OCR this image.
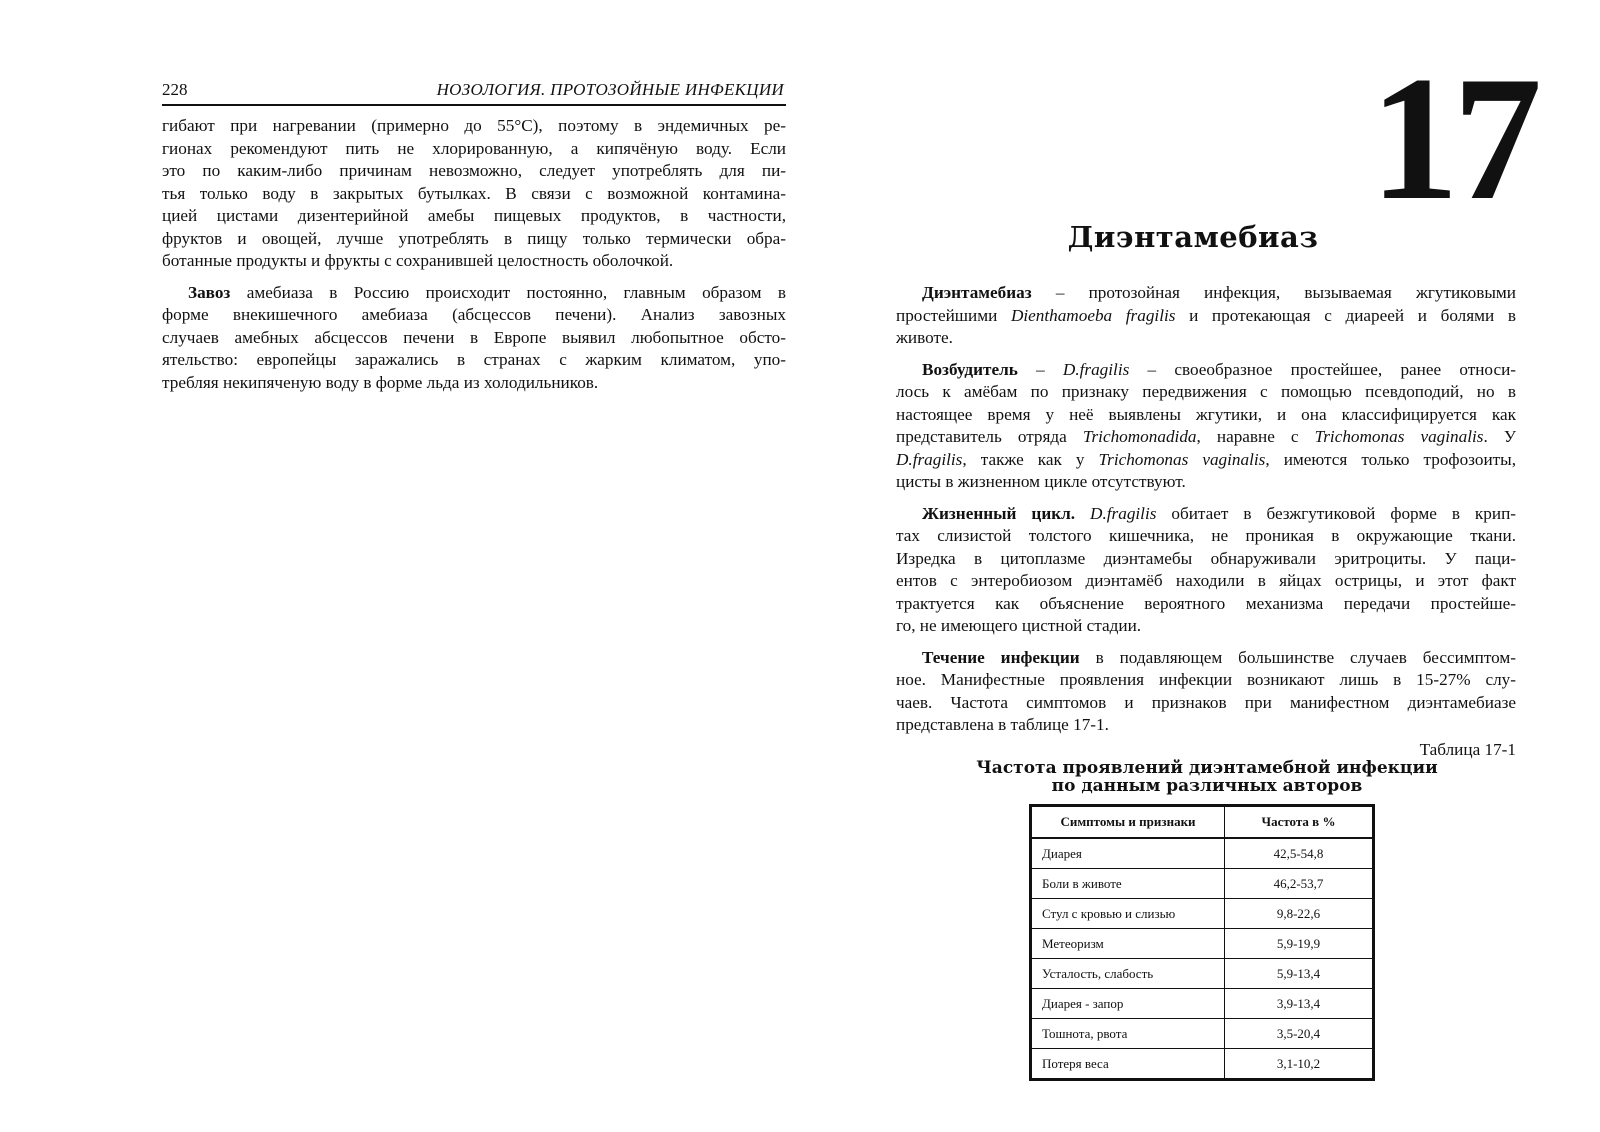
228	НОЗОЛОГИЯ. ПРОТОЗОЙНЫЕ ИНФЕКЦИИ
гибают при нагревании (примерно до 55°С), поэтому в эндемичных ре-
гионах рекомендуют пить не хлорированную, а кипячёную воду. Если
это по каким-либо причинам невозможно, следует употреблять для пи-
тья только воду в закрытых бутылках. В связи с возможной контамина-
цией цистами дизентерийной амебы пищевых продуктов, в частности,
фруктов и овощей, лучше употреблять в пищу только термически обра-
ботанные продукты и фрукты с сохранившей целостность оболочкой.
Завоз амебиаза в Россию происходит постоянно, главным образом в
форме внекишечного амебиаза (абсцессов печени). Анализ завозных
случаев амебных абсцессов печени в Европе выявил любопытное обсто-
ятельство: европейцы заражались в странах с жарким климатом, упо-
требляя некипяченую воду в форме льда из холодильников.
17
Диэнтамебиаз
Диэнтамебиаз – протозойная инфекция, вызываемая жгутиковыми
простейшими Dienthamoeba fragilis и протекающая с диареей и болями в
животе.
Возбудитель – D.fragilis – своеобразное простейшее, ранее относи-
лось к амёбам по признаку передвижения с помощью псевдоподий, но в
настоящее время у неё выявлены жгутики, и она классифицируется как
представитель отряда Trichomonadida, наравне с Trichomonas vaginalis. У
D.fragilis, также как у Trichomonas vaginalis, имеются только трофозоиты,
цисты в жизненном цикле отсутствуют.
Жизненный цикл. D.fragilis обитает в безжгутиковой форме в крип-
тах слизистой толстого кишечника, не проникая в окружающие ткани.
Изредка в цитоплазме диэнтамебы обнаруживали эритроциты. У паци-
ентов с энтеробиозом диэнтамёб находили в яйцах острицы, и этот факт
трактуется как объяснение вероятного механизма передачи простейше-
го, не имеющего цистной стадии.
Течение инфекции в подавляющем большинстве случаев бессимптом-
ное. Манифестные проявления инфекции возникают лишь в 15-27% слу-
чаев. Частота симптомов и признаков при манифестном диэнтамебиазе
представлена в таблице 17-1.
Таблица 17-1
Частота проявлений диэнтамебной инфекции
по данным различных авторов
Симптомы и признаки	Частота в %
Диарея	42,5-54,8
Боли в животе	46,2-53,7
Стул с кровью и слизью	9,8-22,6
Метеоризм	5,9-19,9
Усталость, слабость	5,9-13,4
Диарея - запор	3,9-13,4
Тошнота, рвота	3,5-20,4
Потеря веса	3,1-10,2
